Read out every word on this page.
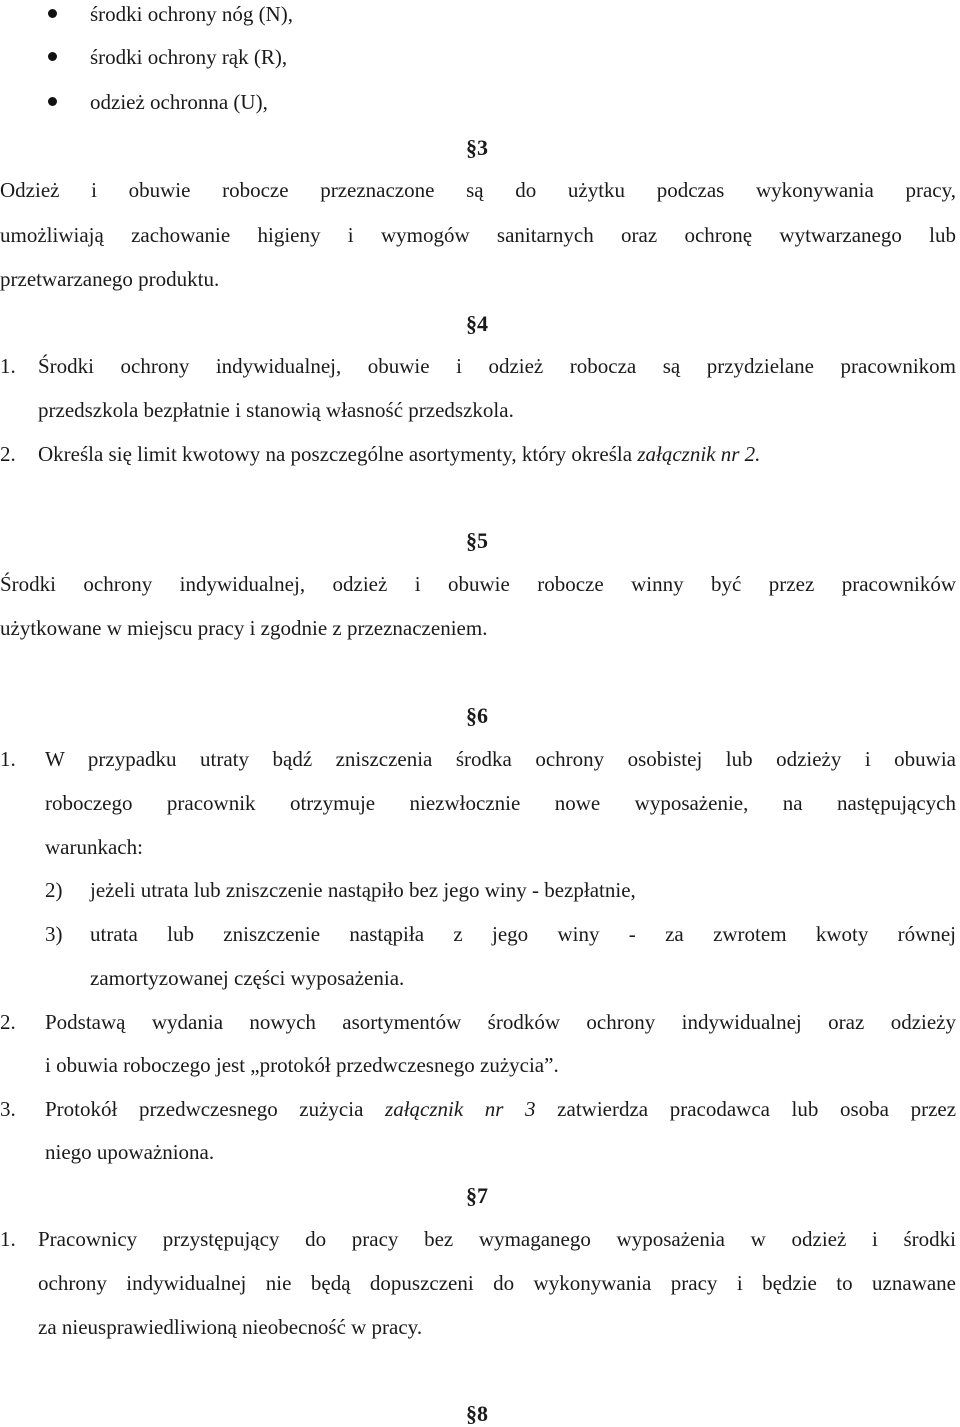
środki ochrony nóg (N),
środki ochrony rąk (R),
odzież ochronna (U),
§3
Odzież i obuwie robocze przeznaczone są do użytku podczas wykonywania pracy,
umożliwiają zachowanie higieny i wymogów sanitarnych oraz ochronę wytwarzanego lub
przetwarzanego produktu.
§4
1. Środki ochrony indywidualnej, obuwie i odzież robocza są przydzielane pracownikom
przedszkola bezpłatnie i stanowią własność przedszkola.
2. Określa się limit kwotowy na poszczególne asortymenty, który określa załącznik nr 2.
§5
Środki ochrony indywidualnej, odzież i obuwie robocze winny być przez pracowników
użytkowane w miejscu pracy i zgodnie z przeznaczeniem.
§6
1. W przypadku utraty bądź zniszczenia środka ochrony osobistej lub odzieży i obuwia
roboczego pracownik otrzymuje niezwłocznie nowe wyposażenie, na następujących
warunkach:
2) jeżeli utrata lub zniszczenie nastąpiło bez jego winy - bezpłatnie,
3) utrata lub zniszczenie nastąpiła z jego winy - za zwrotem kwoty równej
zamortyzowanej części wyposażenia.
2. Podstawą wydania nowych asortymentów środków ochrony indywidualnej oraz odzieży
i obuwia roboczego jest „protokół przedwczesnego zużycia”.
3. Protokół przedwczesnego zużycia załącznik nr 3 zatwierdza pracodawca lub osoba przez
niego upoważniona.
§7
1. Pracownicy przystępujący do pracy bez wymaganego wyposażenia w odzież i środki
ochrony indywidualnej nie będą dopuszczeni do wykonywania pracy i będzie to uznawane
za nieusprawiedliwioną nieobecność w pracy.
§8
